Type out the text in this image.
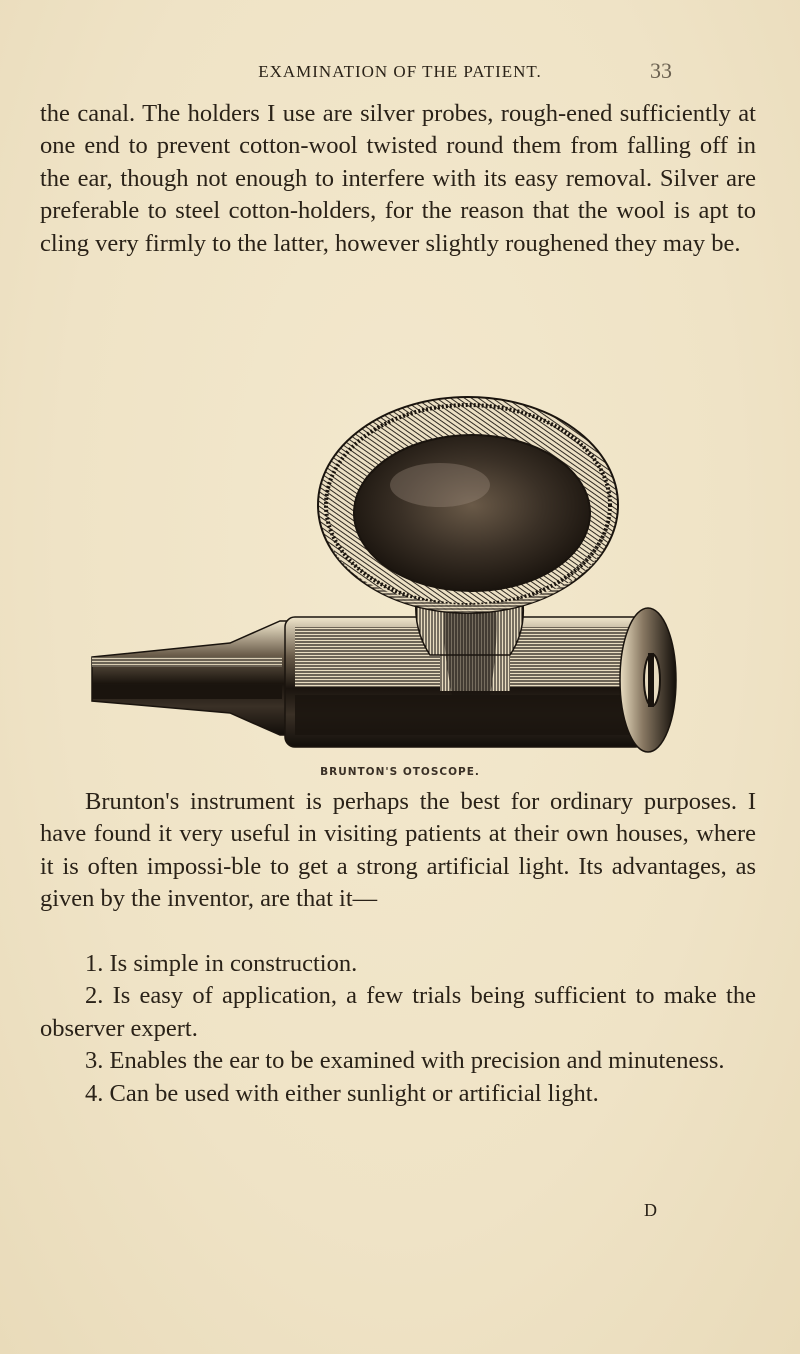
EXAMINATION OF THE PATIENT.	33

the canal. The holders I use are silver probes, rough-ened sufficiently at one end to prevent cotton-wool twisted round them from falling off in the ear, though not enough to interfere with its easy removal. Silver are preferable to steel cotton-holders, for the reason that the wool is apt to cling very firmly to the latter, however slightly roughened they may be.

BRUNTON'S OTOSCOPE.

Brunton's instrument is perhaps the best for ordinary purposes. I have found it very useful in visiting patients at their own houses, where it is often impossi-ble to get a strong artificial light. Its advantages, as given by the inventor, are that it—

1. Is simple in construction.
2. Is easy of application, a few trials being sufficient to make the observer expert.
3. Enables the ear to be examined with precision and minuteness.
4. Can be used with either sunlight or artificial light.
D
